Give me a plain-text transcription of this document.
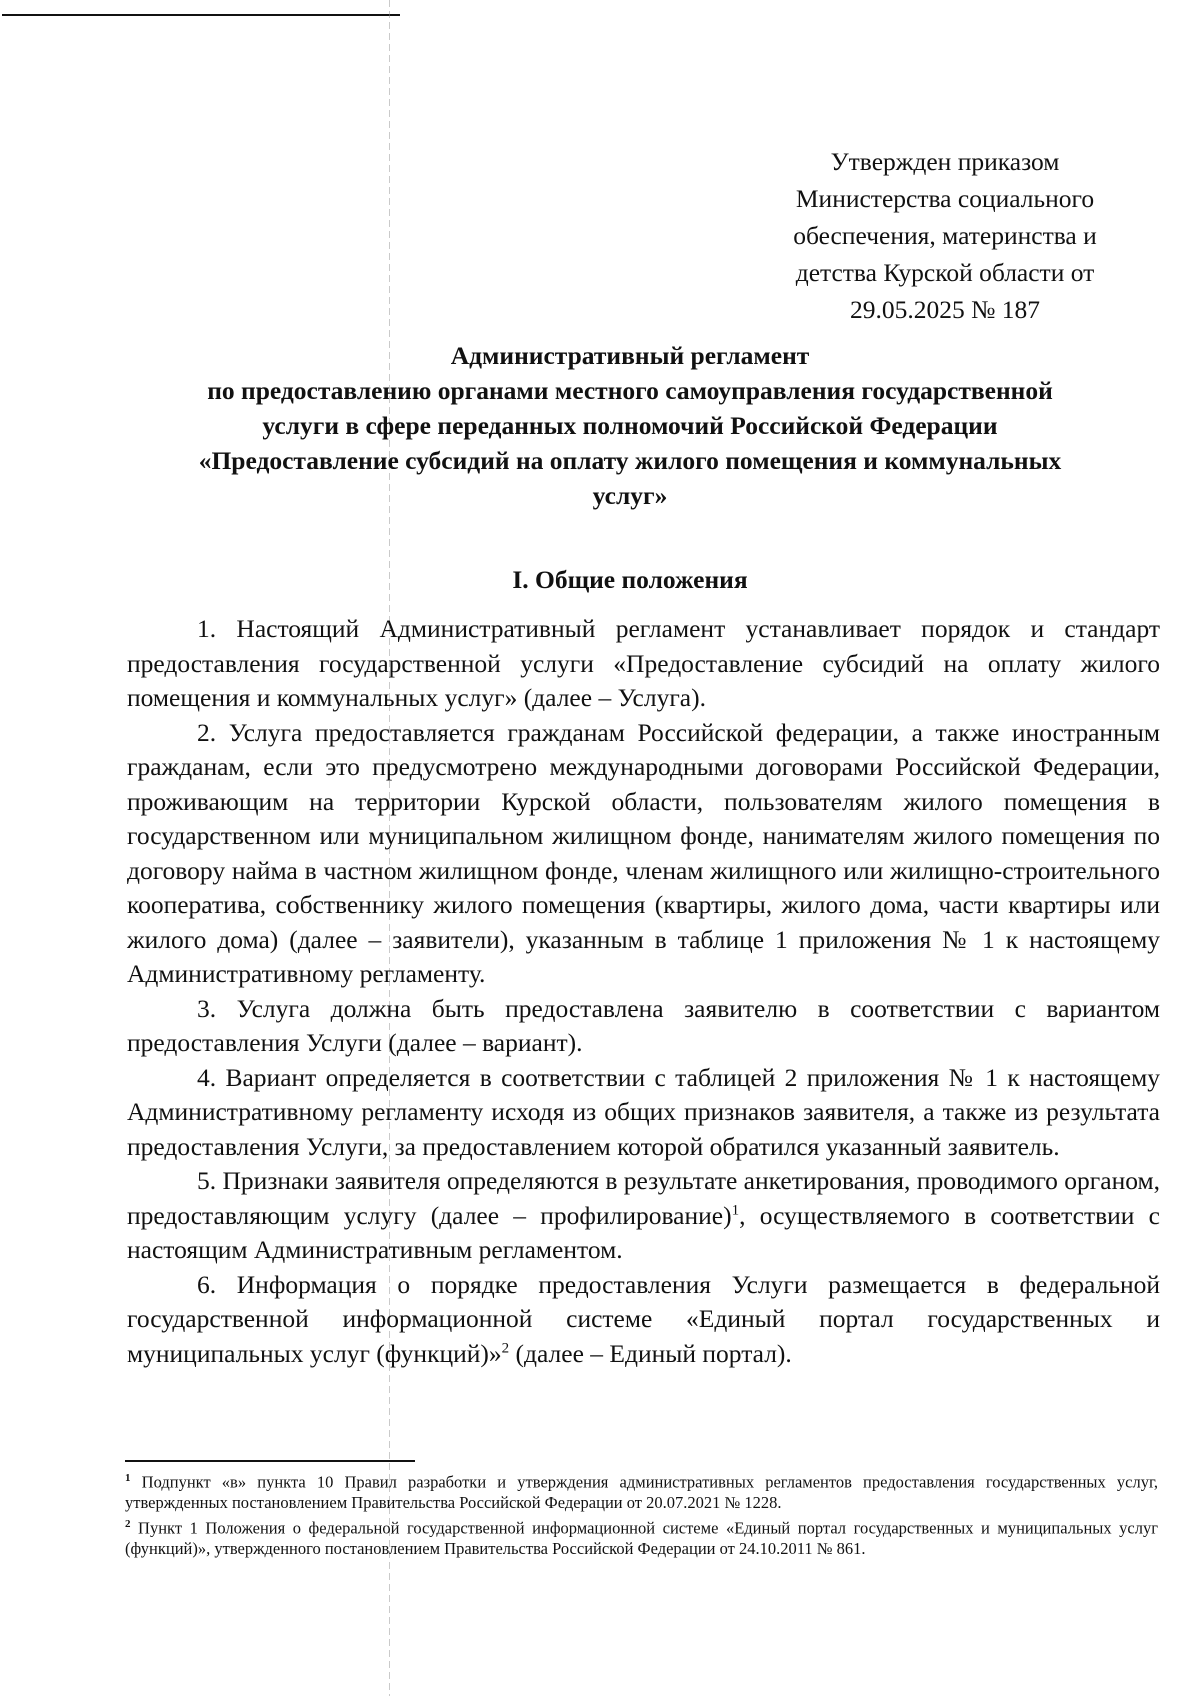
Утвержден приказом
Министерства социального
обеспечения, материнства и
детства Курской области от
29.05.2025 № 187
Административный регламент
по предоставлению органами местного самоуправления государственной
услуги в сфере переданных полномочий Российской Федерации
«Предоставление субсидий на оплату жилого помещения и коммунальных
услуг»
I. Общие положения

1. Настоящий Административный регламент устанавливает порядок и стандарт предоставления государственной услуги «Предоставление субсидий на оплату жилого помещения и коммунальных услуг» (далее – Услуга).

2. Услуга предоставляется гражданам Российской федерации, а также иностранным гражданам, если это предусмотрено международными договорами Российской Федерации, проживающим на территории Курской области, пользователям жилого помещения в государственном или муниципальном жилищном фонде, нанимателям жилого помещения по договору найма в частном жилищном фонде, членам жилищного или жилищно-строительного кооператива, собственнику жилого помещения (квартиры, жилого дома, части квартиры или жилого дома) (далее – заявители), указанным в таблице 1 приложения № 1 к настоящему Административному регламенту.

3. Услуга должна быть предоставлена заявителю в соответствии с вариантом предоставления Услуги (далее – вариант).

4. Вариант определяется в соответствии с таблицей 2 приложения № 1 к настоящему Административному регламенту исходя из общих признаков заявителя, а также из результата предоставления Услуги, за предоставлением которой обратился указанный заявитель.

5. Признаки заявителя определяются в результате анкетирования, проводимого органом, предоставляющим услугу (далее – профилирование)$^1$, осуществляемого в соответствии с настоящим Административным регламентом.

6. Информация о порядке предоставления Услуги размещается в федеральной государственной информационной системе «Единый портал государственных и муниципальных услуг (функций)»$^2$ (далее – Единый портал).

$^1$ Подпункт «в» пункта 10 Правил разработки и утверждения административных регламентов предоставления государственных услуг, утвержденных постановлением Правительства Российской Федерации от 20.07.2021 № 1228.

$^2$ Пункт 1 Положения о федеральной государственной информационной системе «Единый портал государственных и муниципальных услуг (функций)», утвержденного постановлением Правительства Российской Федерации от 24.10.2011 № 861.
